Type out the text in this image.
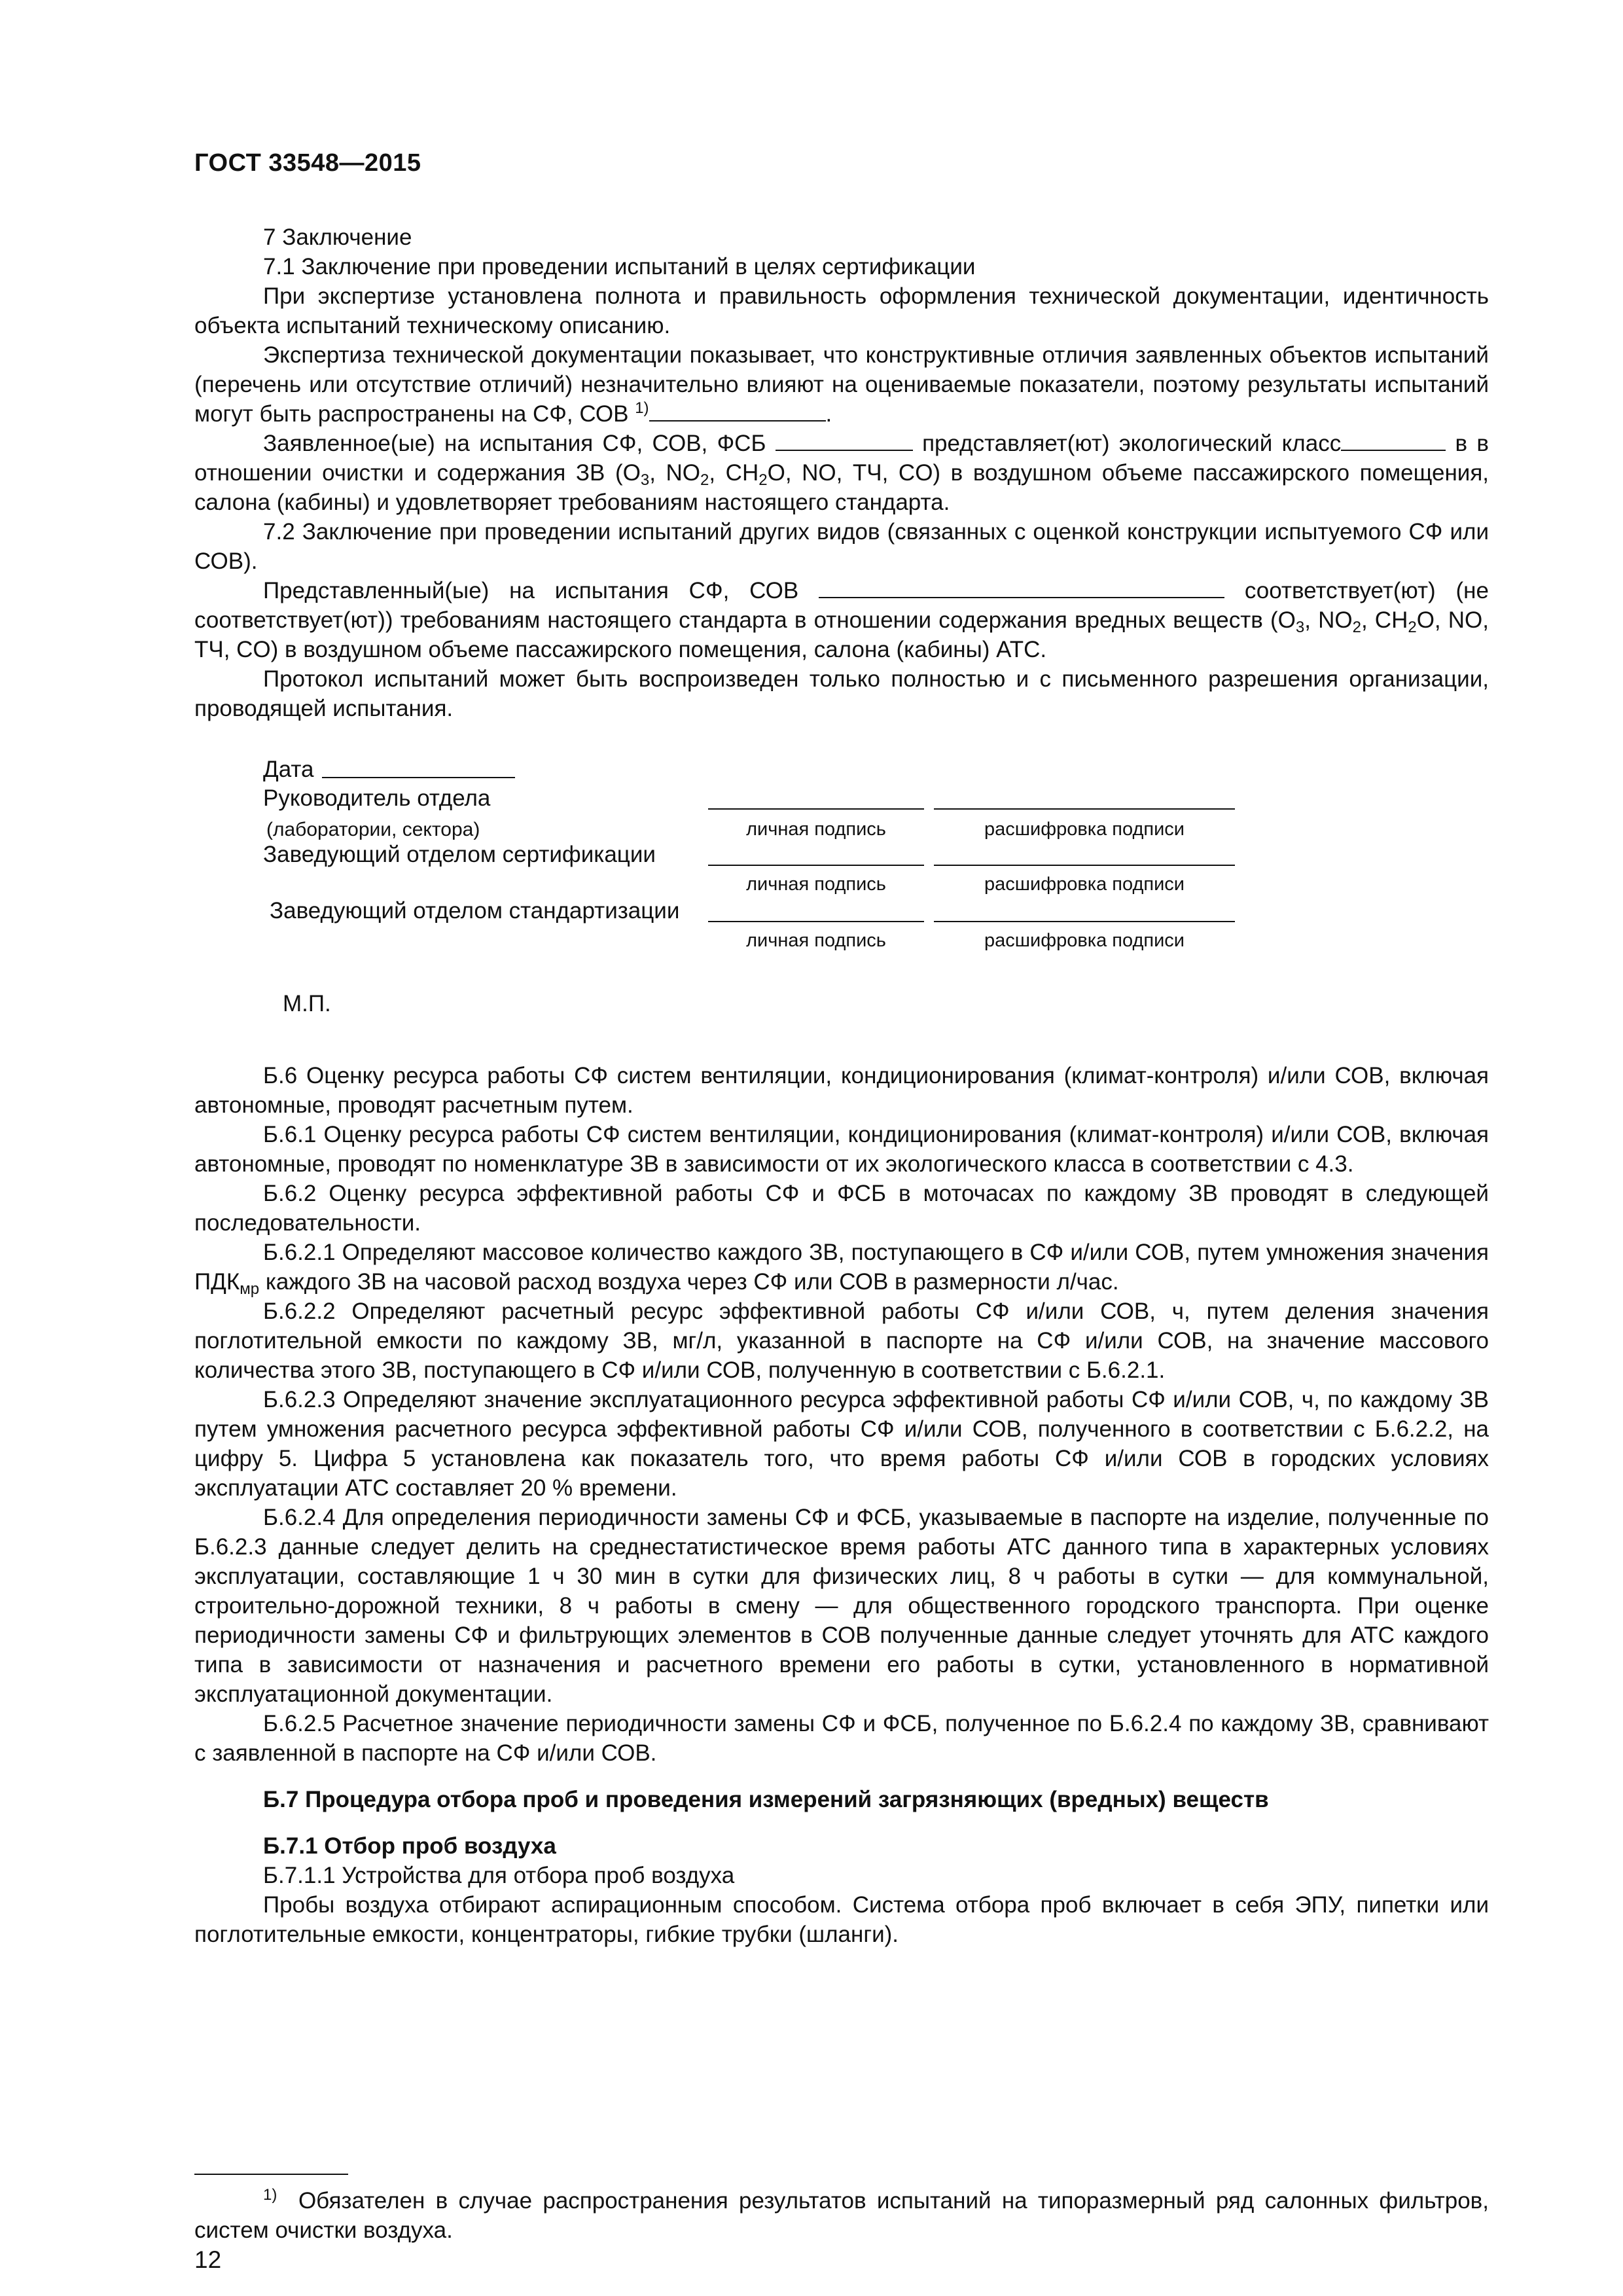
ГОСТ 33548—2015

7 Заключение

7.1 Заключение при проведении испытаний в целях сертификации

При экспертизе установлена полнота и правильность оформления технической документации, идентичность объекта испытаний техническому описанию.

Экспертиза технической документации показывает, что конструктивные отличия заявленных объектов испытаний (перечень или отсутствие отличий) незначительно влияют на оцениваемые показатели, поэтому результаты испытаний могут быть распространены на СФ, СОВ $^{1)}$	.

Заявленное(ые) на испытания СФ, СОВ, ФСБ	представляет(ют) экологический класс	в в отношении очистки и содержания ЗВ ($O_3$, $NO_2$, $CH_2O$, NO, ТЧ, CO) в воздушном объеме пассажирского помещения, салона (кабины) и удовлетворяет требованиям настоящего стандарта.

7.2 Заключение при проведении испытаний других видов (связанных с оценкой конструкции испытуемого СФ или СОВ).

Представленный(ые) на испытания СФ, СОВ	соответствует(ют) (не соответствует(ют)) требованиям настоящего стандарта в отношении содержания вредных веществ ($O_3$, $NO_2$, $CH_2O$, NO, ТЧ, CO) в воздушном объеме пассажирского помещения, салона (кабины) АТС.

Протокол испытаний может быть воспроизведен только полностью и с письменного разрешения организации, проводящей испытания.

Дата
Руководитель отдела
(лаборатории, сектора)	личная подпись	расшифровка подписи
Заведующий отделом сертификации
личная подпись	расшифровка подписи
Заведующий отделом стандартизации
личная подпись	расшифровка подписи
М.П.

Б.6 Оценку ресурса работы СФ систем вентиляции, кондиционирования (климат-контроля) и/или СОВ, включая автономные, проводят расчетным путем.

Б.6.1 Оценку ресурса работы СФ систем вентиляции, кондиционирования (климат-контроля) и/или СОВ, включая автономные, проводят по номенклатуре ЗВ в зависимости от их экологического класса в соответствии с 4.3.

Б.6.2 Оценку ресурса эффективной работы СФ и ФСБ в моточасах по каждому ЗВ проводят в следующей последовательности.

Б.6.2.1 Определяют массовое количество каждого ЗВ, поступающего в СФ и/или СОВ, путем умножения значения $ПДК_{мр}$ каждого ЗВ на часовой расход воздуха через СФ или СОВ в размерности л/час.

Б.6.2.2 Определяют расчетный ресурс эффективной работы СФ и/или СОВ, ч, путем деления значения поглотительной емкости по каждому ЗВ, мг/л, указанной в паспорте на СФ и/или СОВ, на значение массового количества этого ЗВ, поступающего в СФ и/или СОВ, полученную в соответствии с Б.6.2.1.

Б.6.2.3 Определяют значение эксплуатационного ресурса эффективной работы СФ и/или СОВ, ч, по каждому ЗВ путем умножения расчетного ресурса эффективной работы СФ и/или СОВ, полученного в соответствии с Б.6.2.2, на цифру 5. Цифра 5 установлена как показатель того, что время работы СФ и/или СОВ в городских условиях эксплуатации АТС составляет 20 % времени.

Б.6.2.4 Для определения периодичности замены СФ и ФСБ, указываемые в паспорте на изделие, полученные по Б.6.2.3 данные следует делить на среднестатистическое время работы АТС данного типа в характерных условиях эксплуатации, составляющие 1 ч 30 мин в сутки для физических лиц, 8 ч работы в сутки — для коммунальной, строительно-дорожной техники, 8 ч работы в смену — для общественного городского транспорта. При оценке периодичности замены СФ и фильтрующих элементов в СОВ полученные данные следует уточнять для АТС каждого типа в зависимости от назначения и расчетного времени его работы в сутки, установленного в нормативной эксплуатационной документации.

Б.6.2.5 Расчетное значение периодичности замены СФ и ФСБ, полученное по Б.6.2.4 по каждому ЗВ, сравнивают с заявленной в паспорте на СФ и/или СОВ.

Б.7 Процедура отбора проб и проведения измерений загрязняющих (вредных) веществ

Б.7.1 Отбор проб воздуха

Б.7.1.1 Устройства для отбора проб воздуха

Пробы воздуха отбирают аспирационным способом. Система отбора проб включает в себя ЭПУ, пипетки или поглотительные емкости, концентраторы, гибкие трубки (шланги).

$^{1)}$ Обязателен в случае распространения результатов испытаний на типоразмерный ряд салонных фильтров, систем очистки воздуха.

12
